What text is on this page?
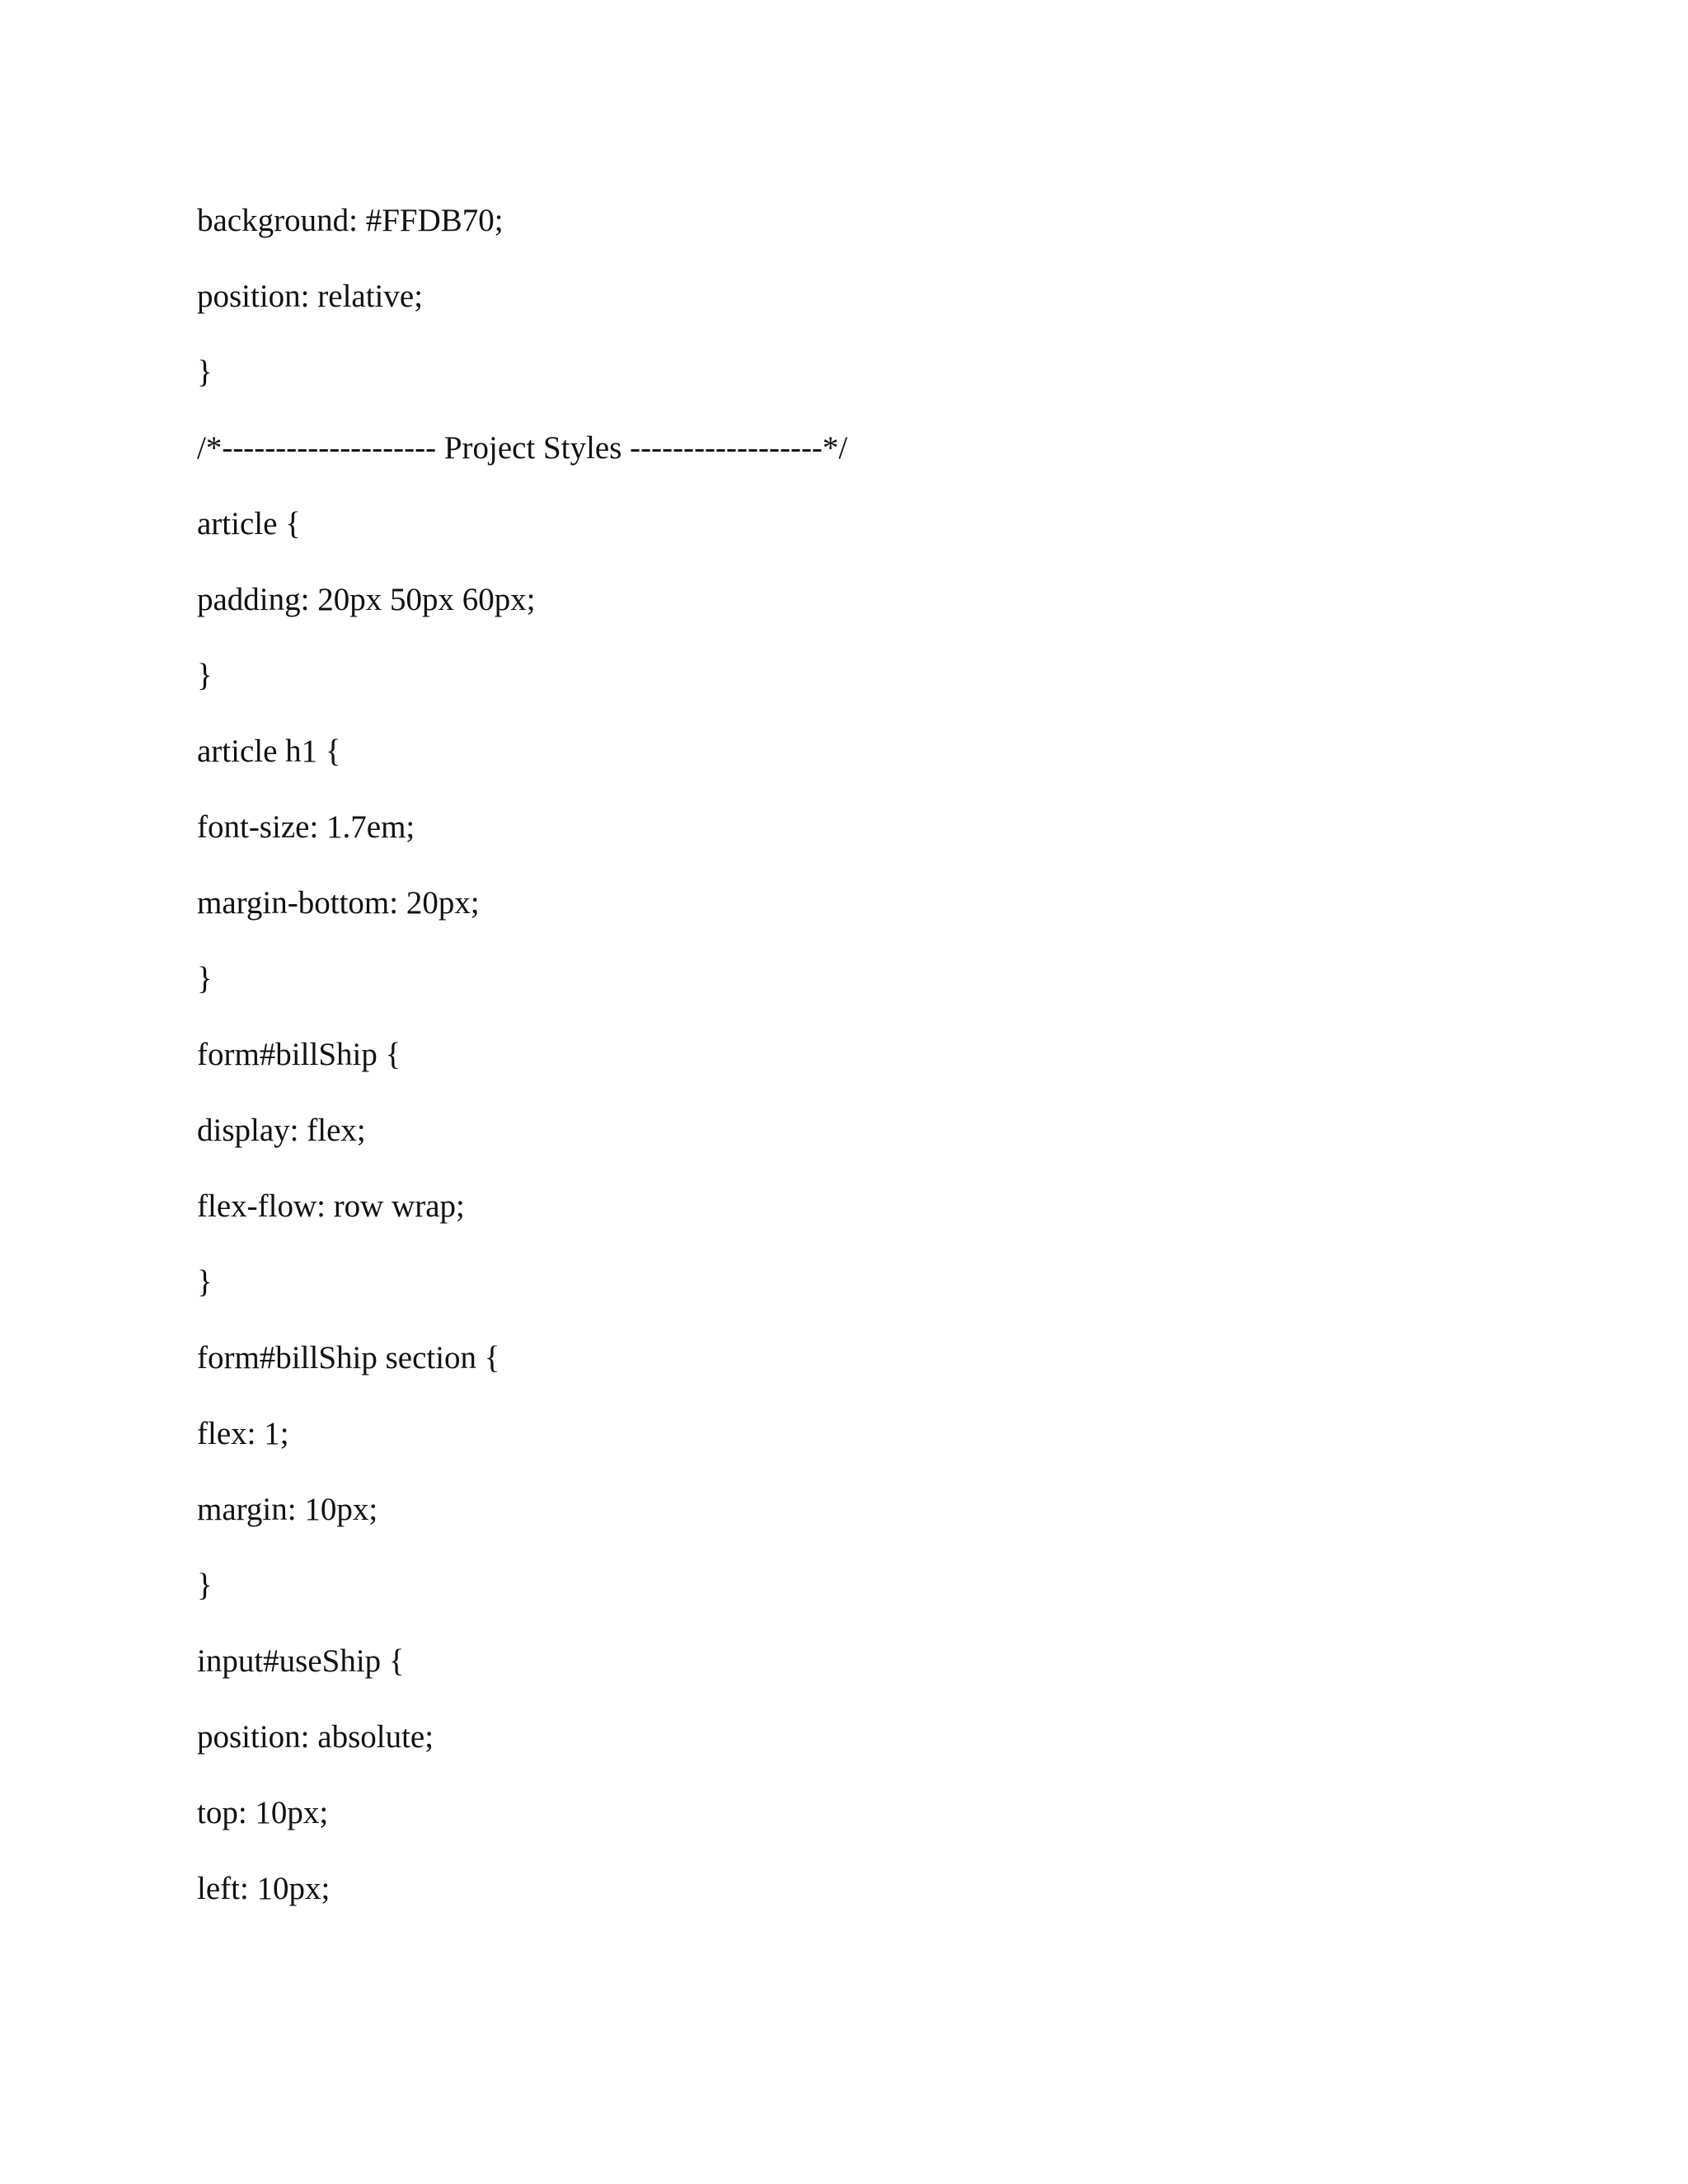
background: #FFDB70;
position: relative;
}
/*-------------------- Project Styles ------------------*/
article {
padding: 20px 50px 60px;
}
article h1 {
font-size: 1.7em;
margin-bottom: 20px;
}
form#billShip {
display: flex;
flex-flow: row wrap;
}
form#billShip section {
flex: 1;
margin: 10px;
}
input#useShip {
position: absolute;
top: 10px;
left: 10px;
